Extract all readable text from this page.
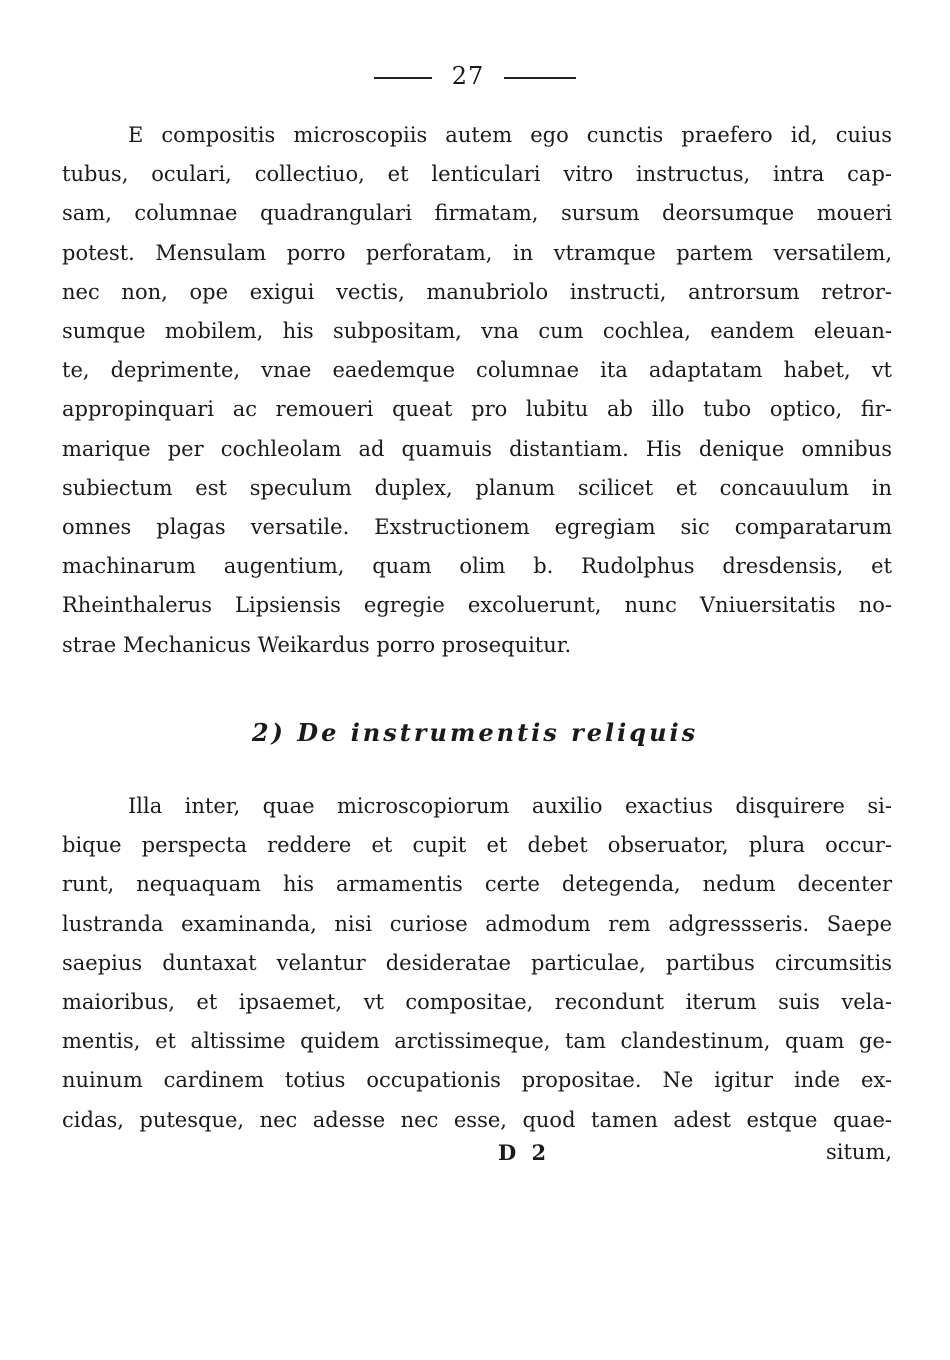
27
E compositis microscopiis autem ego cunctis praefero id, cuius
tubus, oculari, collectiuo, et lenticulari vitro instructus, intra cap-
sam, columnae quadrangulari firmatam, sursum deorsumque moueri
potest. Mensulam porro perforatam, in vtramque partem versatilem,
nec non, ope exigui vectis, manubriolo instructi, antrorsum retror-
sumque mobilem, his subpositam, vna cum cochlea, eandem eleuan-
te, deprimente, vnae eaedemque columnae ita adaptatam habet, vt
appropinquari ac remoueri queat pro lubitu ab illo tubo optico, fir-
marique per cochleolam ad quamuis distantiam. His denique omnibus
subiectum est speculum duplex, planum scilicet et concauulum in
omnes plagas versatile. Exstructionem egregiam sic comparatarum
machinarum augentium, quam olim b. Rudolphus dresdensis, et
Rheinthalerus Lipsiensis egregie excoluerunt, nunc Vniuersitatis no-
strae Mechanicus Weikardus porro prosequitur.
2) De instrumentis reliquis
Illa inter, quae microscopiorum auxilio exactius disquirere si-
bique perspecta reddere et cupit et debet obseruator, plura occur-
runt, nequaquam his armamentis certe detegenda, nedum decenter
lustranda examinanda, nisi curiose admodum rem adgressseris. Saepe
saepius duntaxat velantur desideratae particulae, partibus circumsitis
maioribus, et ipsaemet, vt compositae, recondunt iterum suis vela-
mentis, et altissime quidem arctissimeque, tam clandestinum, quam ge-
nuinum cardinem totius occupationis propositae. Ne igitur inde ex-
cidas, putesque, nec adesse nec esse, quod tamen adest estque quae-
D 2	situm,
